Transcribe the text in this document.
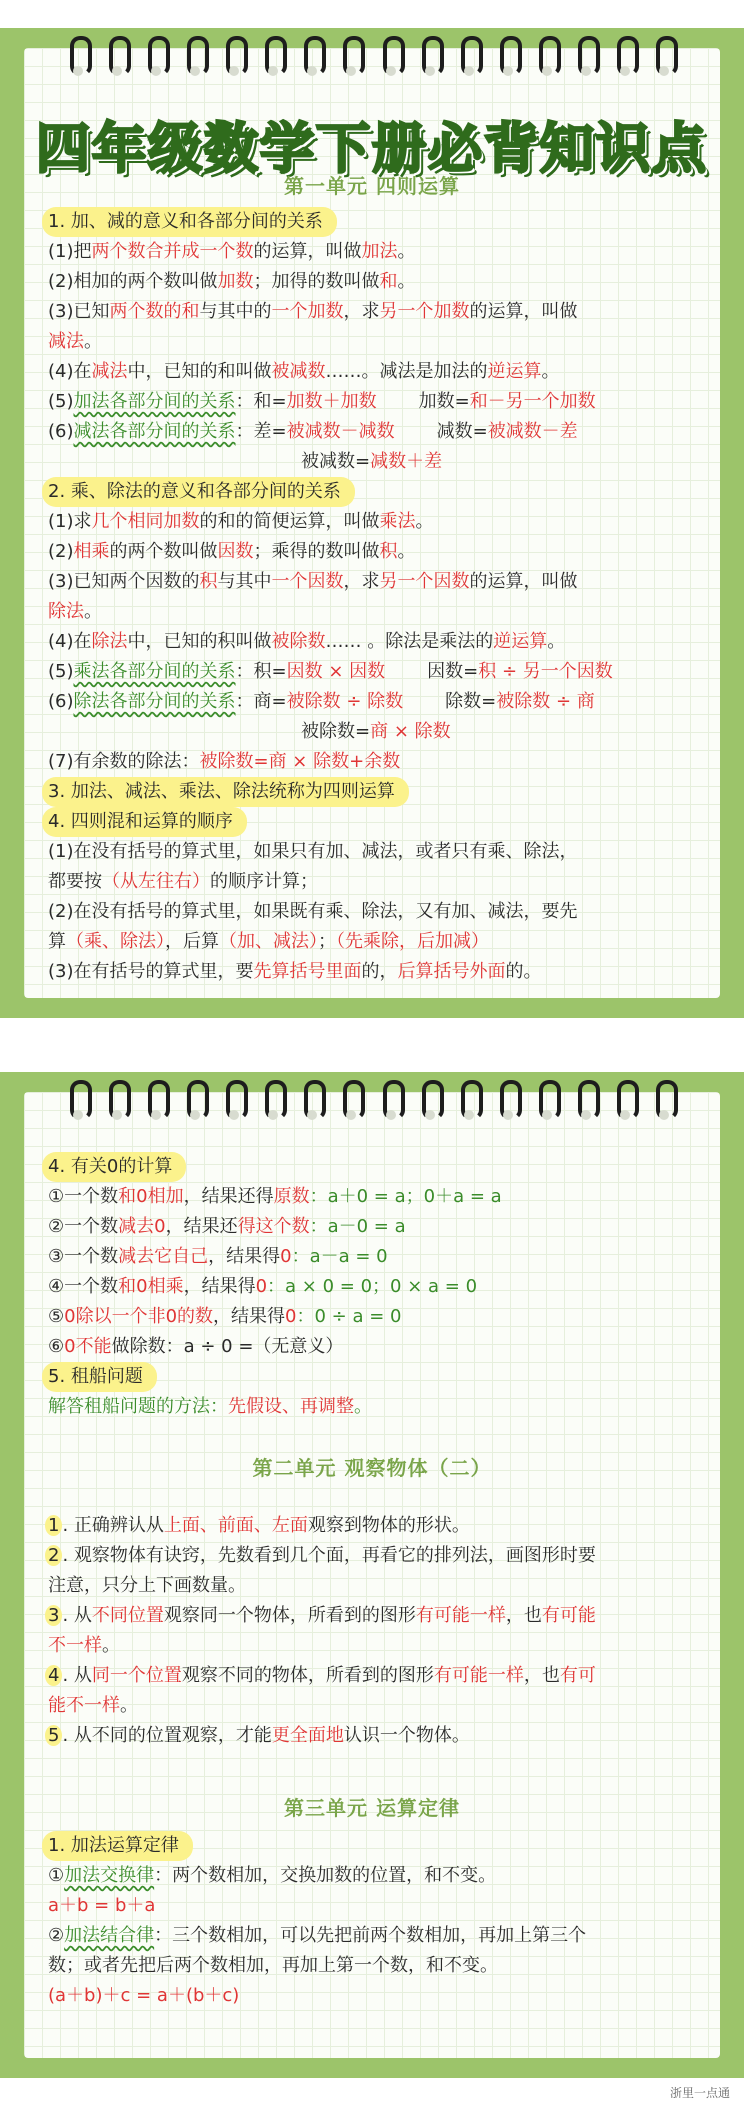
四年级数学下册必背知识点
第一单元 四则运算
1. 加、减的意义和各部分间的关系
(1)把两个数合并成一个数的运算，叫做加法。
(2)相加的两个数叫做加数；加得的数叫做和。
(3)已知两个数的和与其中的一个加数，求另一个加数的运算，叫做
减法。
(4)在减法中，已知的和叫做被减数……。减法是加法的逆运算。
(5)加法各部分间的关系：和=加数＋加数 加数=和－另一个加数
(6)减法各部分间的关系：差=被减数－减数 减数=被减数－差
被减数=减数＋差
2. 乘、除法的意义和各部分间的关系
(1)求几个相同加数的和的简便运算，叫做乘法。
(2)相乘的两个数叫做因数；乘得的数叫做积。
(3)已知两个因数的积与其中一个因数，求另一个因数的运算，叫做
除法。
(4)在除法中，已知的积叫做被除数…… 。除法是乘法的逆运算。
(5)乘法各部分间的关系：积=因数 × 因数 因数=积 ÷ 另一个因数
(6)除法各部分间的关系：商=被除数 ÷ 除数 除数=被除数 ÷ 商
被除数=商 × 除数
(7)有余数的除法：被除数=商 × 除数+余数
3. 加法、减法、乘法、除法统称为四则运算
4. 四则混和运算的顺序
(1)在没有括号的算式里，如果只有加、减法，或者只有乘、除法，
都要按（从左往右）的顺序计算；
(2)在没有括号的算式里，如果既有乘、除法，又有加、减法，要先
算（乘、除法），后算（加、减法）；（先乘除，后加减）
(3)在有括号的算式里，要先算括号里面的，后算括号外面的。
4. 有关0的计算
①一个数和0相加，结果还得原数：a＋0 = a；0＋a = a
②一个数减去0，结果还得这个数：a－0 = a
③一个数减去它自己，结果得0：a－a = 0
④一个数和0相乘，结果得0：a × 0 = 0；0 × a = 0
⑤0除以一个非0的数，结果得0：0 ÷ a = 0
⑥0不能做除数：a ÷ 0 =（无意义）
5. 租船问题
解答租船问题的方法：先假设、再调整。
第二单元 观察物体（二）
1 . 正确辨认从上面、前面、左面观察到物体的形状。
2 . 观察物体有诀窍，先数看到几个面，再看它的排列法，画图形时要
注意，只分上下画数量。
3 . 从不同位置观察同一个物体，所看到的图形有可能一样，也有可能
不一样。
4 . 从同一个位置观察不同的物体，所看到的图形有可能一样，也有可
能不一样。
5 . 从不同的位置观察，才能更全面地认识一个物体。
第三单元 运算定律
1. 加法运算定律
①加法交换律：两个数相加，交换加数的位置，和不变。
a＋b = b＋a
②加法结合律：三个数相加，可以先把前两个数相加，再加上第三个
数；或者先把后两个数相加，再加上第一个数，和不变。
(a＋b)＋c = a＋(b＋c)
浙里一点通
